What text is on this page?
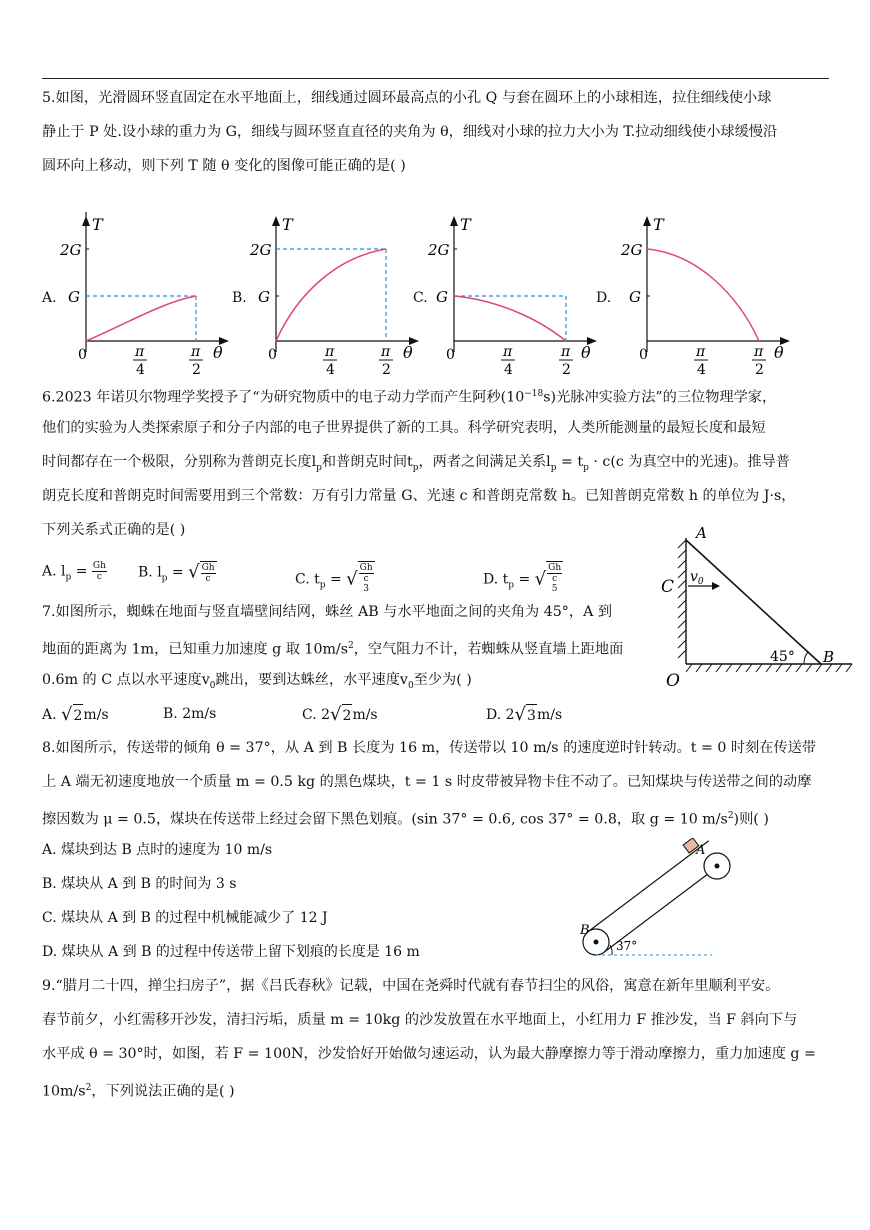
5.如图，光滑圆环竖直固定在水平地面上，细线通过圆环最高点的小孔 Q 与套在圆环上的小球相连，拉住细线使小球
静止于 P 处.设小球的重力为 G，细线与圆环竖直直径的夹角为 θ，细线对小球的拉力大小为 T.拉动细线使小球缓慢沿
圆环向上移动，则下列 T 随 θ 变化的图像可能正确的是( )
A.	B.	C.	D.
T
2G
G
0	π
4
π
2
θ
T
2G
G
0	π
4
π
2
θ
T
2G
G
0	π
4
π
2
θ
T
2G
G
0	π
4
π
2
θ
6.2023 年诺贝尔物理学奖授予了“为研究物质中的电子动力学而产生阿秒$(10^{-18}s)$光脉冲实验方法”的三位物理学家，
他们的实验为人类探索原子和分子内部的电子世界提供了新的工具。科学研究表明，人类所能测量的最短长度和最短
时间都存在一个极限，分别称为普朗克长度$l_p$和普朗克时间$t_p$，两者之间满足关系$l_p = t_p \cdot c(c$ 为真空中的光速)。推导普
朗克长度和普朗克时间需要用到三个常数：万有引力常量 G、光速 c 和普朗克常数 h。已知普朗克常数 h 的单位为 J·s，
下列关系式正确的是( )
A. $l_p = \frac{Gh}{c} B$. $l_p$ = √ $\frac{Gh}{c}$	C. $t_p$ = √ Gh
c
$^3$	D. $t_p$ = √ Gh
c
$^5$
7.如图所示，蜘蛛在地面与竖直墙壁间结网，蛛丝 AB 与水平地面之间的夹角为 45°，A 到
地面的距离为 1m，已知重力加速度 g 取 $10m/s^2$，空气阻力不计，若蜘蛛从竖直墙上距地面
0.6m 的 C 点以水平速度$v_0$跳出，要到达蛛丝，水平速度$v_0$至少为( )
A. √2m/s	B. 2m/s	C. 2√2m/s	D. 2√3m/s
A
B
C
O
$v_0$
45°
8.如图所示，传送带的倾角 θ = 37°，从 A 到 B 长度为 16 m，传送带以 10 m/s 的速度逆时针转动。t = 0 时刻在传送带
上 A 端无初速度地放一个质量 m = 0.5 kg 的黑色煤块，t = 1 s 时皮带被异物卡住不动了。已知煤块与传送带之间的动摩
擦因数为 μ = 0.5，煤块在传送带上经过会留下黑色划痕。(sin 37° = 0.6, cos 37° = 0.8，取 g = 10 $m/s^2$)则( )
A. 煤块到达 B 点时的速度为 10 m/s
B. 煤块从 A 到 B 的时间为 3 s
C. 煤块从 A 到 B 的过程中机械能减少了 12 J
D. 煤块从 A 到 B 的过程中传送带上留下划痕的长度是 16 m
A
B
37°
9.“腊月二十四，掸尘扫房子”，据《吕氏春秋》记载，中国在尧舜时代就有春节扫尘的风俗，寓意在新年里顺利平安。
春节前夕，小红需移开沙发，清扫污垢，质量 m = 10kg 的沙发放置在水平地面上，小红用力 F 推沙发，当 F 斜向下与
水平成 θ = 30°时，如图，若 F = 100N，沙发恰好开始做匀速运动，认为最大静摩擦力等于滑动摩擦力，重力加速度 g =
$10m/s^2$，下列说法正确的是( )
